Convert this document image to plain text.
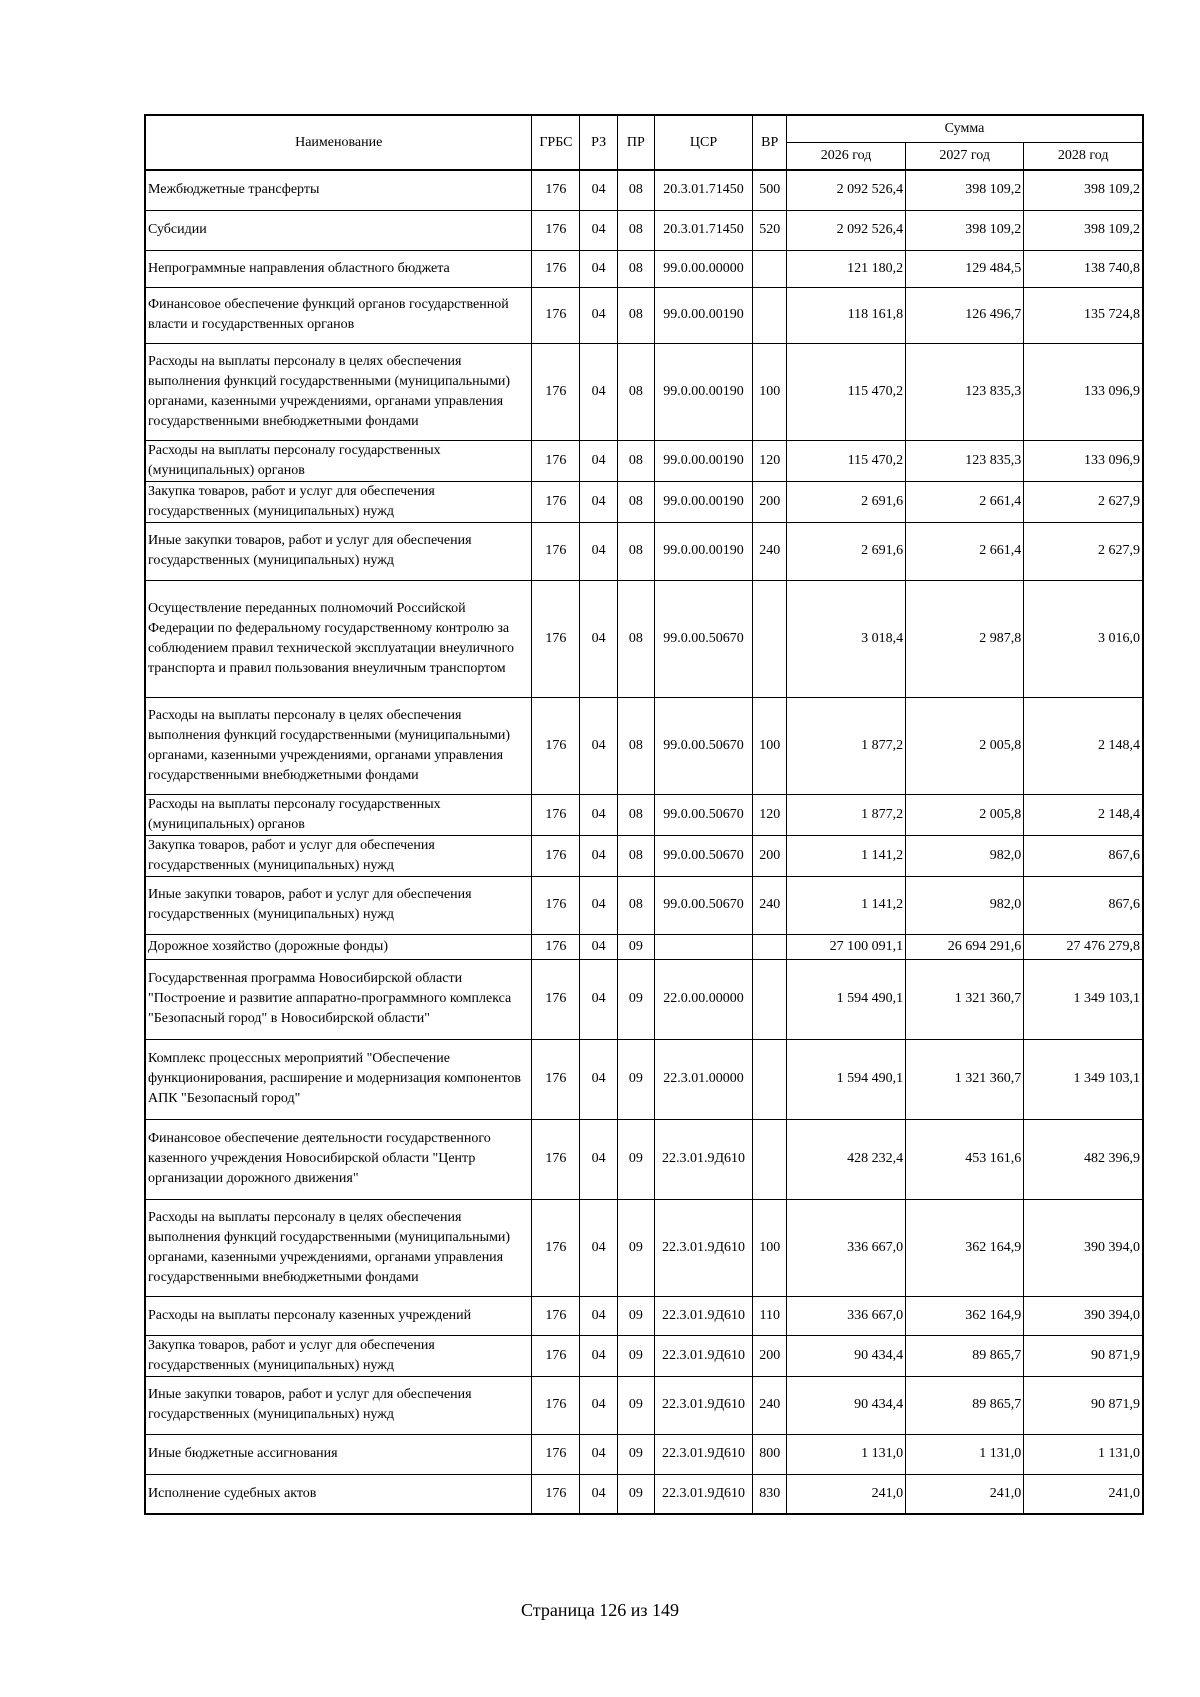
Наименование	ГРБС	РЗ	ПР	ЦСР	ВР	Сумма		
						2026 год	2027 год	2028 год
Межбюджетные трансферты	176	04	08	20.3.01.71450	500	2 092 526,4	398 109,2	398 109,2
Субсидии	176	04	08	20.3.01.71450	520	2 092 526,4	398 109,2	398 109,2
Непрограммные направления областного бюджета	176	04	08	99.0.00.00000		121 180,2	129 484,5	138 740,8
Финансовое обеспечение функций органов государственной власти и государственных органов	176	04	08	99.0.00.00190		118 161,8	126 496,7	135 724,8
Расходы на выплаты персоналу в целях обеспечения выполнения функций государственными (муниципальными) органами, казенными учреждениями, органами управления государственными внебюджетными фондами	176	04	08	99.0.00.00190	100	115 470,2	123 835,3	133 096,9
Расходы на выплаты персоналу государственных (муниципальных) органов	176	04	08	99.0.00.00190	120	115 470,2	123 835,3	133 096,9
Закупка товаров, работ и услуг для обеспечения государственных (муниципальных) нужд	176	04	08	99.0.00.00190	200	2 691,6	2 661,4	2 627,9
Иные закупки товаров, работ и услуг для обеспечения государственных (муниципальных) нужд	176	04	08	99.0.00.00190	240	2 691,6	2 661,4	2 627,9
Осуществление переданных полномочий Российской Федерации по федеральному государственному контролю за соблюдением правил технической эксплуатации внеуличного транспорта и правил пользования внеуличным транспортом	176	04	08	99.0.00.50670		3 018,4	2 987,8	3 016,0
Расходы на выплаты персоналу в целях обеспечения выполнения функций государственными (муниципальными) органами, казенными учреждениями, органами управления государственными внебюджетными фондами	176	04	08	99.0.00.50670	100	1 877,2	2 005,8	2 148,4
Расходы на выплаты персоналу государственных (муниципальных) органов	176	04	08	99.0.00.50670	120	1 877,2	2 005,8	2 148,4
Закупка товаров, работ и услуг для обеспечения государственных (муниципальных) нужд	176	04	08	99.0.00.50670	200	1 141,2	982,0	867,6
Иные закупки товаров, работ и услуг для обеспечения государственных (муниципальных) нужд	176	04	08	99.0.00.50670	240	1 141,2	982,0	867,6
Дорожное хозяйство (дорожные фонды)	176	04	09			27 100 091,1	26 694 291,6	27 476 279,8
Государственная программа Новосибирской области "Построение и развитие аппаратно-программного комплекса "Безопасный город" в Новосибирской области"	176	04	09	22.0.00.00000		1 594 490,1	1 321 360,7	1 349 103,1
Комплекс процессных мероприятий "Обеспечение функционирования, расширение и модернизация компонентов АПК "Безопасный город"	176	04	09	22.3.01.00000		1 594 490,1	1 321 360,7	1 349 103,1
Финансовое обеспечение деятельности государственного казенного учреждения Новосибирской области "Центр организации дорожного движения"	176	04	09	22.3.01.9Д610		428 232,4	453 161,6	482 396,9
Расходы на выплаты персоналу в целях обеспечения выполнения функций государственными (муниципальными) органами, казенными учреждениями, органами управления государственными внебюджетными фондами	176	04	09	22.3.01.9Д610	100	336 667,0	362 164,9	390 394,0
Расходы на выплаты персоналу казенных учреждений	176	04	09	22.3.01.9Д610	110	336 667,0	362 164,9	390 394,0
Закупка товаров, работ и услуг для обеспечения государственных (муниципальных) нужд	176	04	09	22.3.01.9Д610	200	90 434,4	89 865,7	90 871,9
Иные закупки товаров, работ и услуг для обеспечения государственных (муниципальных) нужд	176	04	09	22.3.01.9Д610	240	90 434,4	89 865,7	90 871,9
Иные бюджетные ассигнования	176	04	09	22.3.01.9Д610	800	1 131,0	1 131,0	1 131,0
Исполнение судебных актов	176	04	09	22.3.01.9Д610	830	241,0	241,0	241,0
Страница 126 из 149
